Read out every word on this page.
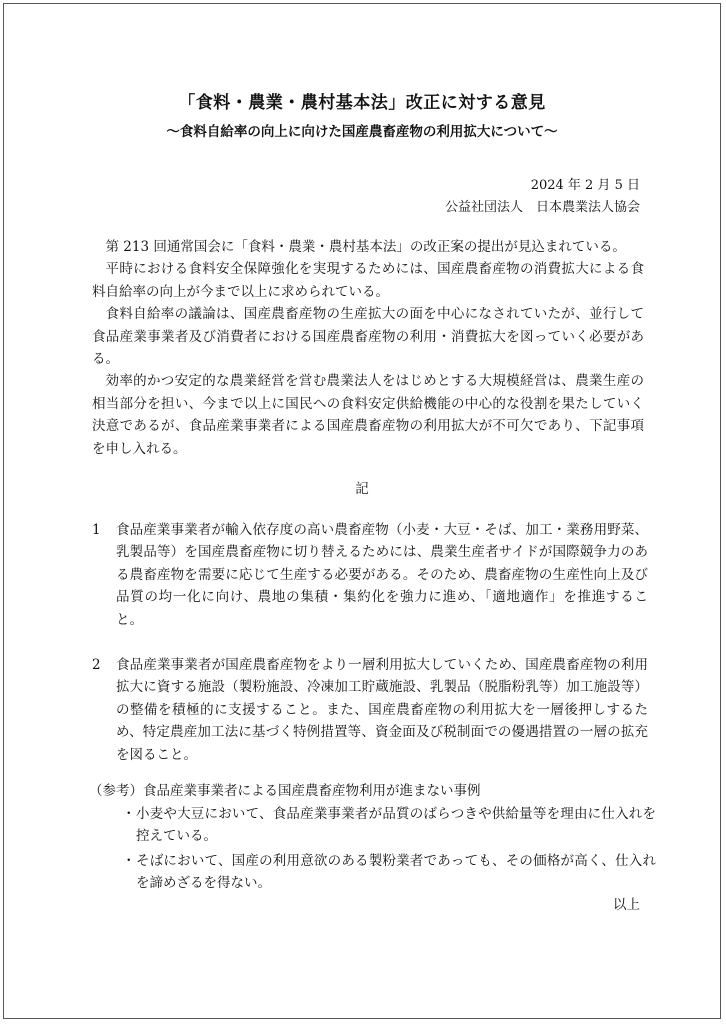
「食料・農業・農村基本法」改正に対する意見
～食料自給率の向上に向けた国産農畜産物の利用拡大について～
2024 年 2 月 5 日
公益社団法人　日本農業法人協会

第 213 回通常国会に「食料・農業・農村基本法」の改正案の提出が見込まれている。

平時における食料安全保障強化を実現するためには、国産農畜産物の消費拡大による食料自給率の向上が今まで以上に求められている。

食料自給率の議論は、国産農畜産物の生産拡大の面を中心になされていたが、並行して食品産業事業者及び消費者における国産農畜産物の利用・消費拡大を図っていく必要がある。

効率的かつ安定的な農業経営を営む農業法人をはじめとする大規模経営は、農業生産の相当部分を担い、今まで以上に国民への食料安定供給機能の中心的な役割を果たしていく決意であるが、食品産業事業者による国産農畜産物の利用拡大が不可欠であり、下記事項を申し入れる。

記
1	食品産業事業者が輸入依存度の高い農畜産物（小麦・大豆・そば、加工・業務用野菜、乳製品等）を国産農畜産物に切り替えるためには、農業生産者サイドが国際競争力のある農畜産物を需要に応じて生産する必要がある。そのため、農畜産物の生産性向上及び品質の均一化に向け、農地の集積・集約化を強力に進め、「適地適作」を推進すること。
2	食品産業事業者が国産農畜産物をより一層利用拡大していくため、国産農畜産物の利用拡大に資する施設（製粉施設、冷凍加工貯蔵施設、乳製品（脱脂粉乳等）加工施設等）の整備を積極的に支援すること。また、国産農畜産物の利用拡大を一層後押しするため、特定農産加工法に基づく特例措置等、資金面及び税制面での優遇措置の一層の拡充を図ること。
（参考）食品産業事業者による国産農畜産物利用が進まない事例
・ 小麦や大豆において、食品産業事業者が品質のばらつきや供給量等を理由に仕入れを控えている。
・ そばにおいて、国産の利用意欲のある製粉業者であっても、その価格が高く、仕入れを諦めざるを得ない。
以上
